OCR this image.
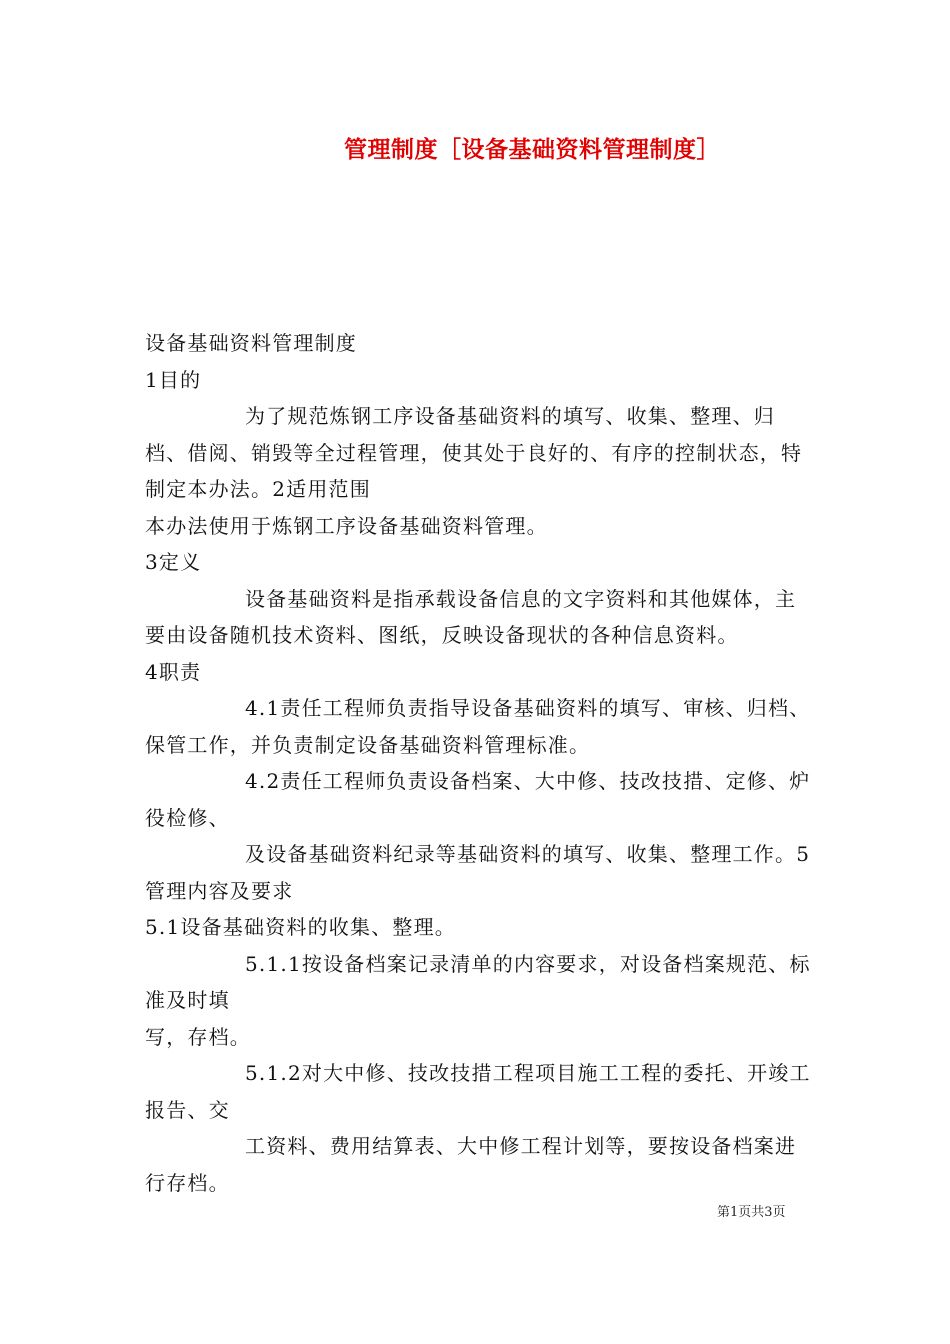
管理制度［设备基础资料管理制度］

设备基础资料管理制度

1目的

为了规范炼钢工序设备基础资料的填写、收集、整理、归档、借阅、销毁等全过程管理，使其处于良好的、有序的控制状态，特制定本办法。2适用范围

本办法使用于炼钢工序设备基础资料管理。

3定义

设备基础资料是指承载设备信息的文字资料和其他媒体，主要由设备随机技术资料、图纸，反映设备现状的各种信息资料。

4职责

4.1责任工程师负责指导设备基础资料的填写、审核、归档、保管工作，并负责制定设备基础资料管理标准。

4.2责任工程师负责设备档案、大中修、技改技措、定修、炉役检修、

及设备基础资料纪录等基础资料的填写、收集、整理工作。5管理内容及要求

5.1设备基础资料的收集、整理。

5.1.1按设备档案记录清单的内容要求，对设备档案规范、标准及时填

写，存档。

5.1.2对大中修、技改技措工程项目施工工程的委托、开竣工报告、交

工资料、费用结算表、大中修工程计划等，要按设备档案进行存档。

第1页共3页
